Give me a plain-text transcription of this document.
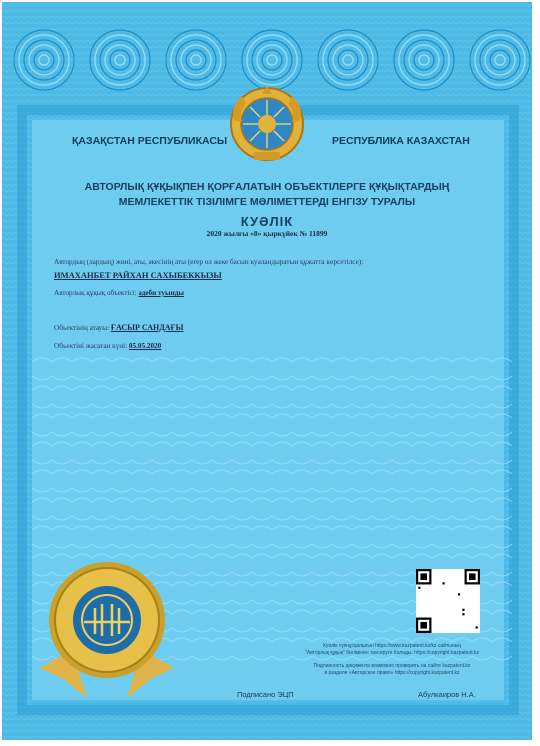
ҚАЗАҚСТАН РЕСПУБЛИКАСЫ	РЕСПУБЛИКА КАЗАХСТАН
АВТОРЛЫҚ ҚҰҚЫҚПЕН ҚОРҒАЛАТЫН ОБЪЕКТІЛЕРГЕ ҚҰҚЫҚТАРДЫҢ
МЕМЛЕКЕТТІК ТІЗІЛІМГЕ МӘЛІМЕТТЕРДІ ЕНГІЗУ ТУРАЛЫ
КУӘЛІК
2020 жылғы «8» қыркүйек № 11899
Автордың (лардың) жөні, аты, әкесінің аты (егер ол жеке басын куәландыратын құжатта көрсетілсе):
ИМАХАНБЕТ РАЙХАН САХЫБЕККЫЗЫ
Авторлық құқық объектісі: әдеби туынды
Объектінің атауы: ҒАСЫР САНДАҒЫ
Объектіні жасаған күні: 05.05.2020
Куәлік түпнұсқалығын https://www.kazpatent.kz/kz сайтының
"Авторлық құқық" бөлімінен тексеруге болады. https://copyright.kazpatent.kz
Подлинность документа возможно проверить на сайте kazpatent.kz
в разделе «Авторское право» https://copyright.kazpatent.kz
Подписано ЭЦП	Абулкаиров Н.А.
